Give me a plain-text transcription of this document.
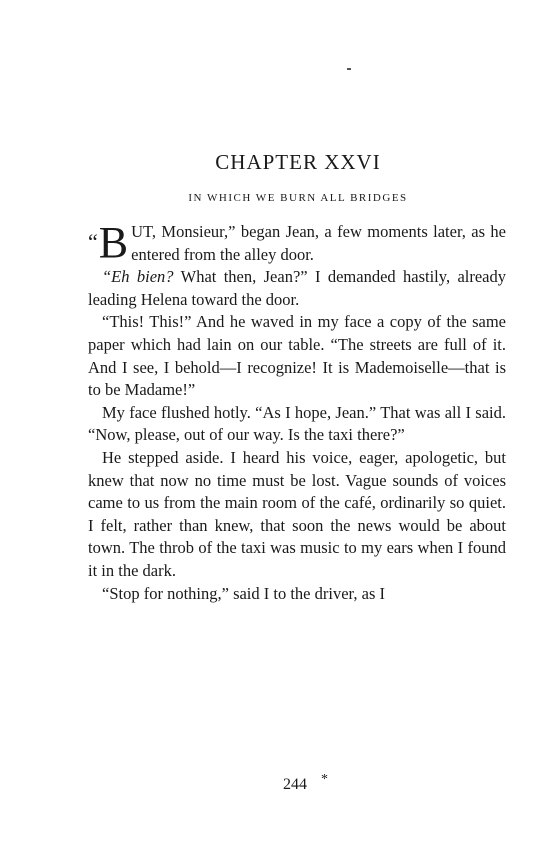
CHAPTER XXVI
IN WHICH WE BURN ALL BRIDGES

“ B UT, Monsieur,” began Jean, a few moments later, as he entered from the alley door.

“Eh bien? What then, Jean?” I demanded hastily, already leading Helena toward the door.

“This! This!” And he waved in my face a copy of the same paper which had lain on our table. “The streets are full of it. And I see, I behold—I recognize! It is Mademoiselle—that is to be Madame!”

My face flushed hotly. “As I hope, Jean.” That was all I said. “Now, please, out of our way. Is the taxi there?”

He stepped aside. I heard his voice, eager, apologetic, but knew that now no time must be lost. Vague sounds of voices came to us from the main room of the café, ordinarily so quiet. I felt, rather than knew, that soon the news would be about town. The throb of the taxi was music to my ears when I found it in the dark.

“Stop for nothing,” said I to the driver, as I

244 *
